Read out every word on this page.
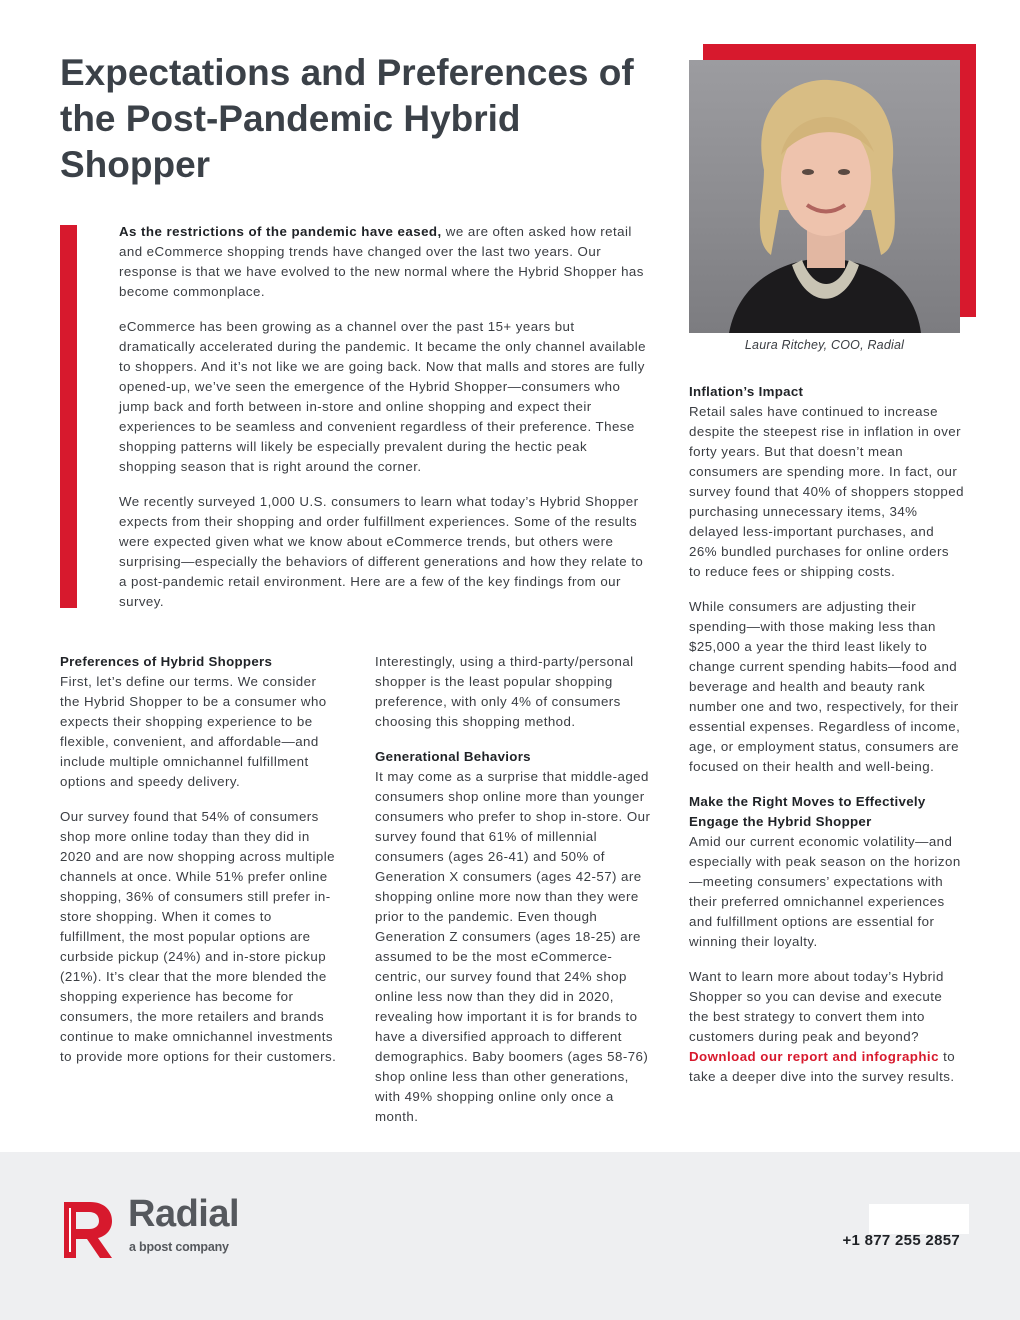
Expectations and Preferences of the Post-Pandemic Hybrid Shopper

As the restrictions of the pandemic have eased, we are often asked how retail and eCommerce shopping trends have changed over the last two years. Our response is that we have evolved to the new normal where the Hybrid Shopper has become commonplace.

eCommerce has been growing as a channel over the past 15+ years but dramatically accelerated during the pandemic. It became the only channel available to shoppers. And it’s not like we are going back. Now that malls and stores are fully opened-up, we’ve seen the emergence of the Hybrid Shopper—consumers who jump back and forth between in-store and online shopping and expect their experiences to be seamless and convenient regardless of their preference. These shopping patterns will likely be especially prevalent during the hectic peak shopping season that is right around the corner.

We recently surveyed 1,000 U.S. consumers to learn what today’s Hybrid Shopper expects from their shopping and order fulfillment experiences. Some of the results were expected given what we know about eCommerce trends, but others were surprising—especially the behaviors of different generations and how they relate to a post-pandemic retail environment. Here are a few of the key findings from our survey.

Laura Ritchey, COO, Radial
Preferences of Hybrid Shoppers

First, let’s define our terms. We consider the Hybrid Shopper to be a consumer who expects their shopping experience to be flexible, convenient, and affordable—and include multiple omnichannel fulfillment options and speedy delivery.

Our survey found that 54% of consumers shop more online today than they did in 2020 and are now shopping across multiple channels at once. While 51% prefer online shopping, 36% of consumers still prefer in-store shopping. When it comes to fulfillment, the most popular options are curbside pickup (24%) and in-store pickup (21%). It’s clear that the more blended the shopping experience has become for consumers, the more retailers and brands continue to make omnichannel investments to provide more options for their customers.

Interestingly, using a third-party/personal shopper is the least popular shopping preference, with only 4% of consumers choosing this shopping method.

Generational Behaviors

It may come as a surprise that middle-aged consumers shop online more than younger consumers who prefer to shop in-store. Our survey found that 61% of millennial consumers (ages 26-41) and 50% of Generation X consumers (ages 42-57) are shopping online more now than they were prior to the pandemic. Even though Generation Z consumers (ages 18-25) are assumed to be the most eCommerce-centric, our survey found that 24% shop online less now than they did in 2020, revealing how important it is for brands to have a diversified approach to different demographics. Baby boomers (ages 58-76) shop online less than other generations, with 49% shopping online only once a month.

Inflation’s Impact

Retail sales have continued to increase despite the steepest rise in inflation in over forty years. But that doesn’t mean consumers are spending more. In fact, our survey found that 40% of shoppers stopped purchasing unnecessary items, 34% delayed less-important purchases, and 26% bundled purchases for online orders to reduce fees or shipping costs.

While consumers are adjusting their spending—with those making less than $25,000 a year the third least likely to change current spending habits—food and beverage and health and beauty rank number one and two, respectively, for their essential expenses. Regardless of income, age, or employment status, consumers are focused on their health and well-being.

Make the Right Moves to Effectively Engage the Hybrid Shopper

Amid our current economic volatility—and especially with peak season on the horizon—meeting consumers’ expectations with their preferred omnichannel experiences and fulfillment options are essential for winning their loyalty.

Want to learn more about today’s Hybrid Shopper so you can devise and execute the best strategy to convert them into customers during peak and beyond? Download our report and infographic to take a deeper dive into the survey results.

Radial
a bpost company	+1 877 255 2857
